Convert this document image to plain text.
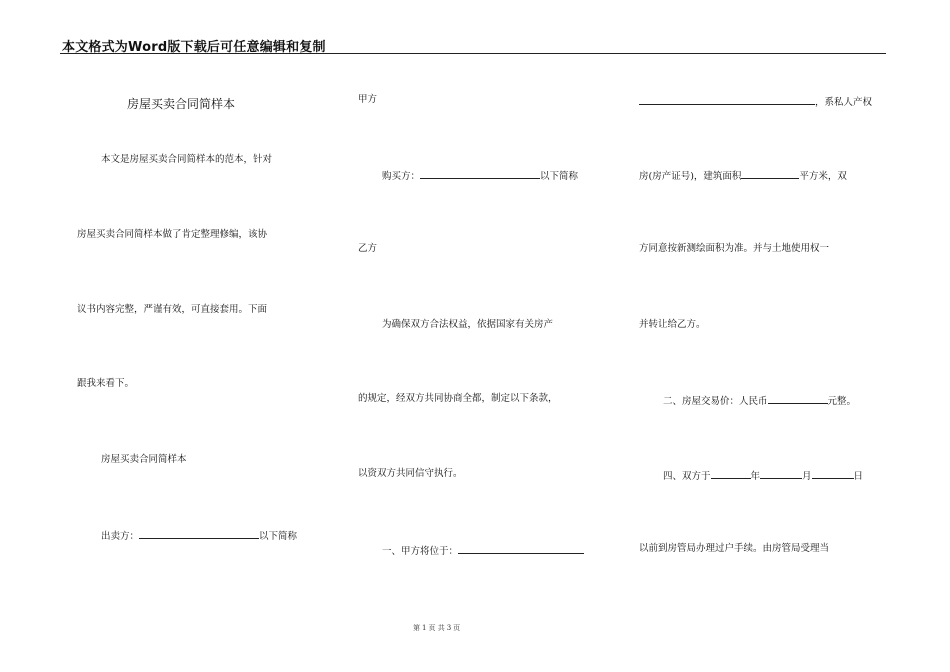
本文格式为Word版下载后可任意编辑和复制
房屋买卖合同简样本
本文是房屋买卖合同简样本的范本，针对
房屋买卖合同简样本做了肯定整理修编，该协
议书内容完整，严谨有效，可直接套用。下面
跟我来看下。
房屋买卖合同简样本
出卖方：	以下简称
甲方
购买方：	以下简称
乙方
为确保双方合法权益，依据国家有关房产
的规定，经双方共同协商全都，制定以下条款，
以资双方共同信守执行。
一、甲方将位于：
，系私人产权
房(房产证号)，建筑面积	平方米，双
方同意按新测绘面积为准。并与土地使用权一
并转让给乙方。
二、房屋交易价：人民币	元整。
四、双方于	年	月	日
以前到房管局办理过户手续。由房管局受理当
第 1 页 共 3 页
